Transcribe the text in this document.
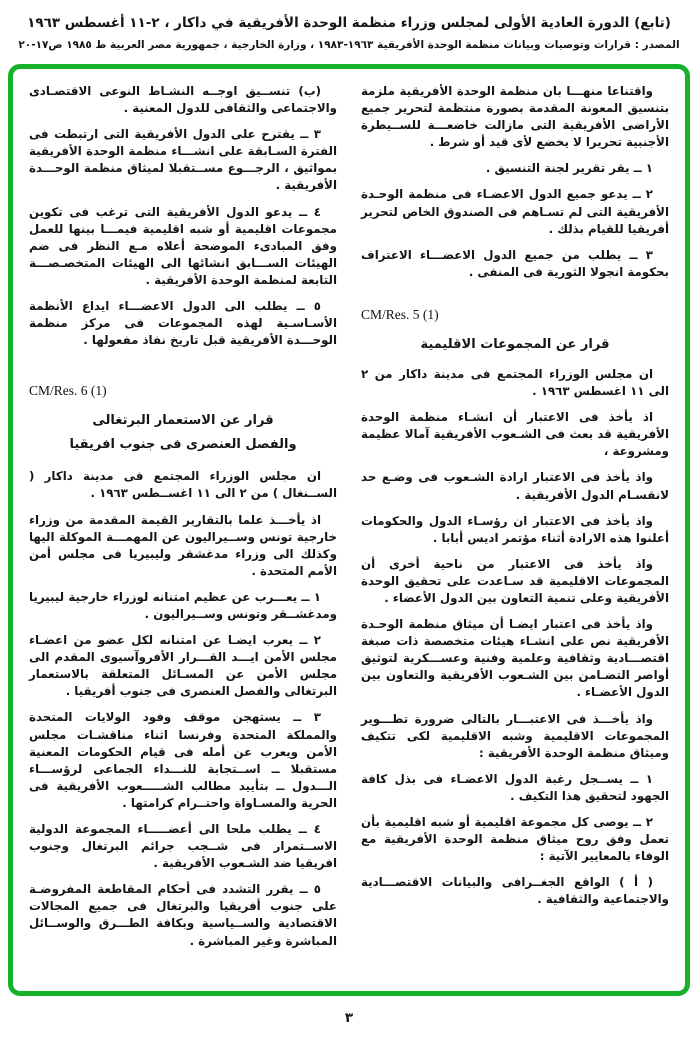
(تابع) الدورة العادية الأولى لمجلس وزراء منظمة الوحدة الأفريقية في داكار ، ٢-١١ أغسطس ١٩٦٣
المصدر : قرارات وتوصيات وبيانات منظمة الوحدة الأفريقية ١٩٦٣-١٩٨٣ ، وزارة الخارجية ، جمهورية مصر العربية ط ١٩٨٥ ص١٧-٢٠

واقتناعا منهـــا بان منظمة الوحدة الأفريقية ملزمة بتنسيق المعونة المقدمة بصورة منتظمة لتحرير جميع الأراضى الأفريقية التى مازالت خاضعـــة للســيطرة الأجنبية تحريرا لا يخضع لأى قيد أو شرط .

١ ــ يقر تقرير لجنة التنسيق .

٢ ــ يدعو جميع الدول الاعضـاء فى منظمة الوحـدة الأفريقية التى لم تسـاهم فى الصندوق الخاص لتحرير أفريقيا للقيام بذلك .

٣ ــ يطلب من جميع الدول الاعضـــاء الاعتراف بحكومة انجولا الثورية فى المنفى .

CM/Res. 5 (1)
قرار عن المجموعات الاقليمية

ان مجلس الوزراء المجتمع فى مدينة داكار من ٢ الى ١١ اغسطس ١٩٦٣ .

اذ يأخذ فى الاعتبار أن انشـاء منظمة الوحدة الأفريقية قد بعث فى الشـعوب الأفريقية آمالا عظيمة ومشروعة ،

واذ يأخذ فى الاعتبار ارادة الشـعوب فى وضـع حد لانقسـام الدول الأفريقية .

واذ يأخذ فى الاعتبار ان رؤسـاء الدول والحكومات أعلنوا هذه الارادة أثناء مؤتمر اديس أبابا .

واذ يأخذ فى الاعتبار من ناحية أخرى أن المجموعات الاقليمية قد سـاعدت على تحقيق الوحدة الأفريقية وعلى تنمية التعاون بين الدول الأعضاء .

واذ يأخذ فى اعتبار ايضـا أن ميثاق منظمة الوحـدة الأفريقية نص على انشـاء هيئات متخصصة ذات صبغة اقتصـــادية وثقافية وعلمية وفنية وعســـكرية لتوثيق أواصر التضـامن بين الشـعوب الأفريقية والتعاون بين الدول الأعضـاء .

واذ يأخـــذ فى الاعتبـــار بالتالى ضرورة تطـــوير المجموعات الاقليمية وشبه الاقليمية لكى تتكيف وميثاق منظمة الوحدة الأفريقية :

١ ــ يســجل رغبة الدول الاعضـاء فى بذل كافة الجهود لتحقيق هذا التكيف .

٢ ــ يوصى كل مجموعة اقليمية أو شبه اقليمية بأن تعمل وفق روح ميثاق منظمة الوحدة الأفريقية مع الوفاء بالمعايير الآتية :

( أ ) الواقع الجغــرافى والبيانات الاقتصـــادية والاجتماعية والثقافية .

(ب) تنســيق اوجــه النشـاط النوعى الاقتصـادى والاجتماعى والثقافى للدول المعنية .

٣ ــ يقترح على الدول الأفريقية التى ارتبطت فى الفترة السـابقة على انشـــاء منظمة الوحدة الأفريقية بمواثيق ، الرجـــوع مســتقبلا لميثاق منظمة الوحـــدة الأفريقية .

٤ ــ يدعو الدول الأفريقية التى ترغب فى تكوين مجموعات اقليمية أو شبه اقليمية فيمـــا بينها للعمل وفق المبادىء الموضحة أعلاه مـع النظر فى ضم الهيئات الســـابق انشائها الى الهيئات المتخصـصـــة التابعة لمنظمة الوحدة الأفريقية .

٥ ــ يطلب الى الدول الاعضـــاء ايداع الأنظمة الأسـاسـية لهذه المجموعات فى مركز منظمة الوحـــدة الأفريقية قبل تاريخ نفاذ مفعولها .

CM/Res. 6 (1)
قرار عن الاستعمار البرتغالى
والفصل العنصرى فى جنوب افريقيا

ان مجلس الوزراء المجتمع فى مدينة داكار ( الســنغال ) من ٢ الى ١١ اغســطس ١٩٦٣ .

اذ يأخـــذ علما بالتقارير القيمة المقدمة من وزراء خارجية تونس وســيراليون عن المهمـــة الموكلة اليها وكذلك الى وزراء مدغشقر وليبيريا فى مجلس أمن الأمم المتحدة .

١ ــ يعـــرب عن عظيم امتنانه لوزراء خارجية ليبيريا ومدغشــقر وتونس وســيراليون .

٢ ــ يعرب ايضـا عن امتنانه لكل عضو من اعضـاء مجلس الأمن ايـــد القـــرار الأفروآسيوى المقدم الى مجلس الأمن عن المسـائل المتعلقة بالاستعمار البرتغالى والفصل العنصرى فى جنوب أفريقيا .

٣ ــ يستهجن موقف وفود الولايات المتحدة والمملكة المتحدة وفرنسا اثناء مناقشـات مجلس الأمن ويعرب عن أمله فى قيام الحكومات المعنية مستقبلا ــ اســتجابة للنـــداء الجماعى لرؤســـاء الـــدول ــ بتأييد مطالب الشـــــعوب الأفريقية فى الحرية والمسـاواة واحتــرام كرامتها .

٤ ــ يطلب ملحا الى أعضـــــاء المجموعة الدولية الاســتمرار فى شــجب جرائم البرتغال وجنوب افريقيا ضد الشـعوب الأفريقية .

٥ ــ يقرر التشدد فى أحكام المقاطعة المفروضـة على جنوب أفريقيا والبرتغال فى جميع المجالات الاقتصادية والســياسية وبكافة الطـــرق والوســائل المباشرة وغير المباشرة .

٣
